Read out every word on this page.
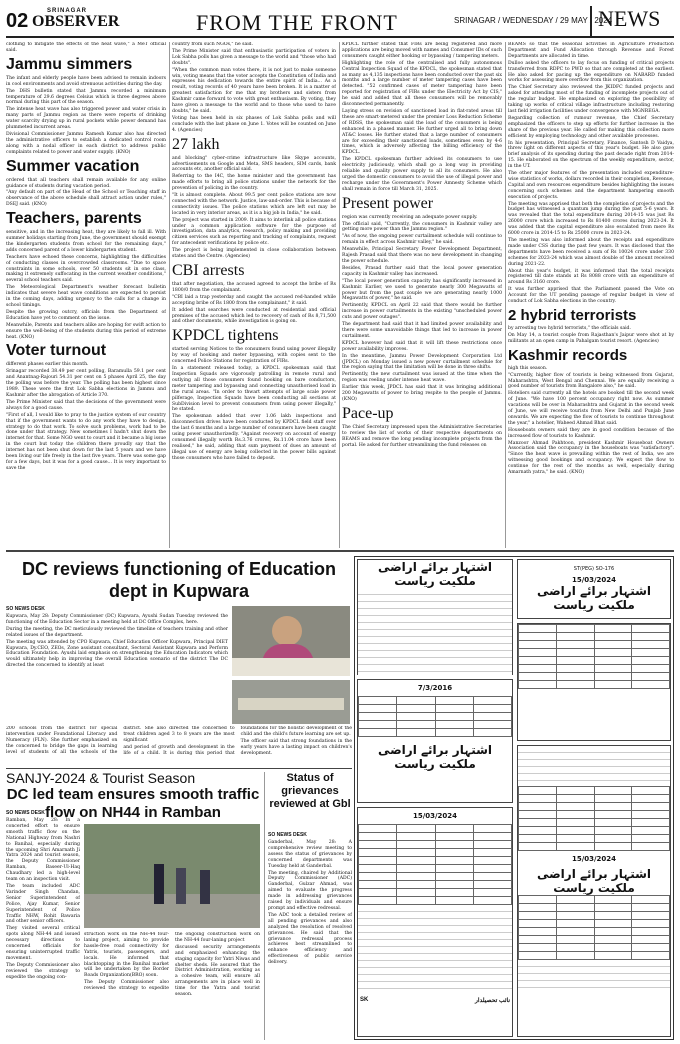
02	SRINAGAR
OBSERVER	FROM THE FRONT	SRINAGAR / WEDNESDAY / 29 MAY / 2024
NEWS

clothing to mitigate the effects of the heat wave," a MeT official said.

Jammu simmers

The infant and elderly people have been advised to remain indoors in cool environments and avoid strenuous activities during the day.

The DHS bulletin stated that Jammu recorded a minimum temperature of 29.6 degrees Celsius which is three degrees above normal during this part of the season.

The intense heat wave has also triggered power and water crisis in many parts of Jammu region as there were reports of drinking water scarcity drying up in rural pockets while power demand has plummeted incurrent areas.

Divisional Commissioner Jammu Ramesh Kumar also has directed the administrative officers to establish a dedicated control room along with a nodal officer in each district to address public complaints related to power and water supply. (KNO)

Summer vacation

ordered that all teachers shall remain available for any online guidance of students during vacation period.

"Any default on part of the Head of the School or Teaching staff in observance of the above schedule shall attract action under rules," DSEJ said. (KNO)

Teachers, parents

sensitive, and in the increasing heat, they are likely to fall ill. With summer holidays starting from June, the government should exempt the kindergarten students from school for the remaining days," adds concerned parent of a lower kindergarten student.

Teachers have echoed these concerns, highlighting the difficulties of conducting classes in overcrowded classrooms. "Due to space constraints in some schools, over 50 students sit in one class, making it extremely suffocating in the current weather conditions," several school teachers said.

The Meteorological Department's weather forecast bulletin indicates that severe heat wave conditions are expected to persist in the coming days, adding urgency to the calls for a change in school timings.

Despite the growing outcry, officials from the Department of Education have yet to comment on the issue.

Meanwhile, Parents and teachers alike are hoping for swift action to ensure the well-being of the students during this period of extreme heat. (KNO)

Voter turnout

different phases earlier this month.

Srinagar recorded 38.49 per cent polling, Baramulla 59.1 per cent and Anantnag-Rajouri 54.31 per cent on 5 phases April 25, the day the polling was before the year. The polling has been highest since 1989. These were the first Lok Sabha elections in Jammu and Kashmir after the abrogation of Article 370.

The Prime Minister said that the decisions of the government were always for a good cause.

"First of all, I would like to pray to the justice system of our country that if the government wants to do any work they have to design, strategy to do that work. To solve such problems, work had to be done under that strategy. New sometimes I hadn't shut down the internet for that. Some NGO went to court and it became a big issue in the court but today the children there proudly say that the internet has not been shut down for the last 5 years and we have been living our life freely in the last five years. There was some gap for a few days, but it was for a good cause... It is very important to save the

country from such NGOs," he said.

The Prime Minister said that enthusiastic participation of voters in Lok Sabha polls has given a message to the world and "those who had doubts".

"When the common man votes there, it is not just to make someone win, voting means that the voter accepts the Constitution of India and expresses his dedication towards the entire spirit of India... As a result, voting records of 40 years have been broken. It is a matter of greatest satisfaction for me that my brothers and sisters from Kashmir came forward to vote with great enthusiasm. By voting, they have given a message to the world and to those who used to have doubts," he said.

Voting has been held in six phases of Lok Sabha polls and will conclude with the last phase on June 1. Votes will be counted on June 4. (Agencies)

27 lakh

and blocking" cyber-crime infrastructure like Skype accounts, advertisements on Google and Meta, SMS headers, SIM cards, bank accounts etc, another official said.

Referring to the I4C, the home minister and the government has made efforts to bring all police stations under the network for the prevention of policing in the country.

"It is almost complete. About 99.5 per cent police stations are now connected with the network. Justice, law-and-order. This is because of connectivity issues. The police stations which are left out may be located in very interior areas, as it is a big job in India," he said.

The project was started in 2009. It aims to interlink all police stations under a common application software for the purpose of investigation, data analytics, research, policy making and providing citizen services such as reporting and tracking of complaints, request for antecedent verifications by police etc.

The project is being implemented in close collaboration between states and the Centre. (Agencies)

CBI arrests

that after negotiation, the accused agreed to accept the bribe of Rs 1800/0 from the complainant.

"CBI laid a trap yesterday and caught the accused red-handed while accepting bribe of Rs 1800 from the complainant," it said.

It added that searches were conducted at residential and official premises of the accused which led to recovery of cash of Rs 8,71,500 and other documents, while investigation is going on.

KPDCL tightens

started serving Notices to the consumers found using power illegally by way of hooking and meter bypassing, with copies sent to the concerned Police Stations for registration of FIRs.

In a statement released today, a KPDCL spokesman said that Inspection Squads are vigorously patrolling in remote rural and outlying all those consumers found hooking on bare conductors, meter tampering and bypassing and connecting unauthorised load in the rural areas. "In order to thwart attempts of large scale power pilferage, Inspection Squads have been conducting all sections at SubDivision level to prevent consumers from using power illegally," he stated.

The spokesman added that over 1.06 lakh inspections and disconnection drives have been conducted by KPDCL field staff over the last 6 months and a large number of consumers have been caught using power unauthorizedly. "Against recovery on account of energy consumed illegally worth Rs.3.76 crores, Rs.11.04 crore have been realised," he said, adding that sum payment of dues an amount of illegal use of energy are being collected in the power bills against those consumers who have failed to deposit.

KPDCL further stated that FIRs are being registered and more applications are being moved with names and Consumer IDs of such consumers caught either hooking or bypassing / tampering meters.

Highlighting the role of the centralised and fully autonomous Central Inspection Squad of the KPDCL, the spokesman stated that as many as 4,135 inspections have been conducted over the past six months and a large number of meter tampering cases have been detected. "52 confirmed cases of meter tampering have been reported for registration of FIRs under the Electricity Act by CIS," he said and added that all these consumers will be removably disconnected permanently.

Laying stress on revision of sanctioned load in flat-rated areas till these are smart-metered under the premier Loss Reduction Scheme of RDSS, the spokesman said the load of the consumers is being enhanced in a phased manner. He further urged all to bring down AT&C losses. He further stated that a large number of consumers are for exceeding their sanctioned loads, sometimes even by 4-6 times, which is adversely affecting the billing efficiency of the KPDCL.

The KPDCL spokesman further advised its consumers to use electricity judiciously, which shall go a long way in providing reliable and quality power supply to all its consumers. He also urged the domestic consumers to avoid the use of illegal power and recharge under the Government's Power Amnesty Scheme which shall remain in force till March 31, 2025.

Present power

region was currently receiving an adequate power supply.

The official said, "Currently, the consumers in Kashmir valley are getting more power than the Jammu region."

"As of now, the ongoing power curtailment schedule will continue to remain in effect across Kashmir valley," he said.

Meanwhile, Principal Secretary Power Development Department, Rajesh Prasad said that there was no new development in changing the power schedule.

Besides, Prasad further said that the local power generation capacity in Kashmir valley has increased.

"The local power generation capacity has significantly increased in Kashmir. Earlier, we used to generate nearly 300 Megawatts of power but from the past couple we are generating nearly 1000 Megawatts of power," he said.

Pertinently, KPDCL on April 22 said that there would be further increase in power curtailments in the existing "unscheduled power cuts and power outages".

The department had said that it had limited power availability and there were some unavoidable things that led to increase in power curtailment.

KPDCL however had said that it will lift these restrictions once power availability improves.

In the meantime, Jammu Power Development Corporation Ltd (JPDCL) on Monday issued a new power curtailment schedule for the region saying that the limitation will be done in three shifts.

Pertinently, the new curtailment was issued at the time when the region was reeling under intense heat wave.

Earlier this week, JPDCL has said that it was bringing additional 200 Megawatts of power to bring respite to the people of Jammu. (KNO)

Pace-up

The Chief Secretary impressed upon the Administrative Secretaries to review the list of works of their respective departments on BEAMS and remove the long pending incomplete projects from the portal. He asked for further streamlining the fund releases on

BEAMS so that the seasonal activities in Agriculture Production Department and Fund Allocation through Revenue and Forest Departments are allocated in time.

Dulloo asked the officers to lay focus on funding of critical projects transferred from RDPC to PWD so that are completed at the earliest. He also asked for pacing up the expenditure on NABARD funded works for assessing more overflow from this organization.

The Chief Secretary also reviewed the JKIDFC funded projects and asked for attending most of the funding of incomplete projects out of the regular budget. He emphasized on exploring the possibility of taking up works of critical village infrastructure including restoring last field irrigation facilities under convergence with MGNREGA.

Regarding collection of rumour revenue, the Chief Secretary emphasized the officers to step up efforts for further increase in the share of the previous year. He called for making this collection more efficient by employing technology and other available processes.

In his presentation, Principal Secretary, Finance, Santosh D Vaidya, threw light on different aspects of this year's budget. He also gave brief analysis of its spending during the past decade right from 2014-15. He elaborated on the spectrum of the weekly expenditure, sector, in the UT.

The other major features of the presentation included expenditure-wise statistics of works, dollars recorded in their completion, Revenue, Capital and own resources expenditure besides highlighting the issues concerning such schemes and the department hampering smooth execution of projects.

The meeting was apprised that both the completion of projects and the budget has witnessed a quantum jump during the past 5-6 years. It was revealed that the total expenditure during 2014-15 was just Rs 26000 crore which increased to Rs 81400 crores during 2023-24. It was added that the capital expenditure also escalated from mere Rs 6000 crore in 2014-15 to Rs 25000 crore in 2023-24.

The meeting was also informed about the receipts and expenditure made under CSS during the past few years. It was disclosed that the departments have been received a sum of Rs 10024 crore under 330 schemes for 2023-24 which was almost double of the amount received during 2021-22.

About this year's budget, it was informed that the total receipts registered till date stands at Rs 8088 crore with an expenditure of around Rs 3160 crore.

It was further apprised that the Parliament passed the Vote on Account for the UT pending passage of regular budget in view of conduct of Lok Sabha elections in the country.

2 hybrid terrorists

by arresting two hybrid terrorists," the officials said.

On May 14, a tourist couple from Rajasthan's Jaipur were shot at by militants at an open camp in Pahalgam tourist resort. (Agencies)

Kashmir records

high this season.

"Currently, higher flow of tourists is being witnessed from Gujarat, Maharashtra, West Bengal and Chennai. We are equally receiving a good number of tourists from Bangalore also," he said.

Hoteliers said currently all the hotels are booked till the second week of June. "We have 100 percent occupancy right now. As summer vacations will be over in Maharashtra and Gujarat in the second week of June, we will receive tourists from New Delhi and Punjab June onwards. We are expecting the flow of tourists to continue throughout the year," a hotelier, Waheed Ahmad Bhat said.

Houseboats owners said they are in good condition because of the increased flow of tourists to Kashmir.

Manzoor Ahmad Pakhtoon, president Kashmir Houseboat Owners Association said the occupancy in the houseboats was "satisfactory". "Since the heat wave is prevailing within the rest of India, we are witnessing good bookings and occupancy. We expect the flow to continue for the rest of the months as well, especially during Amarnath yatra," he said. (KNO)

DC reviews functioning of Education dept in Kupwara
SO NEWS DESK

Kupwara, May 28: Deputy Commissioner (DC) Kupwara, Ayushi Sudan Tuesday reviewed the functioning of the Education Sector in a meeting held at DC Office Complex, here.

During the meeting, the DC meticulously reviewed the timeline of teachers training and other related issues of the department.

The meeting was attended by CPO Kupwara, Chief Education Officer Kupwara, Principal DIET Kupwara, Dy.CEO, ZEOs, Zone assistant consultant, Sectoral Assistant Kupwara and Perform Education Foundation. Ayushi laid emphasis on strengthening the Education Indicators which would ultimately help in improving the overall Education scenario of the district The DC directed the concerned to identify at least

200 schools from the district for special intervention under Foundational Literacy and Numeracy (FLN). She further emphasized on the concerned to bridge the gaps in learning level of students of all the schools of the district. She also directed the concerned to treat children aged 3 to 8 years are the most significant

and period of growth and development in the life of a child. It is during this period that foundations for the holistic development of the child and the child's future learning are set up.

The officer said that strong foundations in the early years have a lasting impact on children's development.

SANJY-2024 & Tourist Season
DC led team ensures smooth traffic flow on NH44 in Ramban
SO NEWS DESK

Ramban, May 28: In a concerted effort to ensure smooth traffic flow on the National Highway from Nashri to Banihal, especially during the upcoming Shri Amarnath Ji Yatra 2024 and tourist season, the Deputy Commissioner Ramban, Baseer-Ul-Haq Chaudhary led a high-level team on an inspection visit.

The team included ADC Varinder Singh Chandan, Senior Superintendent of Police, Ajay Kumar, Senior Superintendent of Police Traffic NHW, Rohit Bawaria and other senior officers.

They visited several critical spots along NH-44 and issued necessary directions to concerned officials for ensuring uninterrupted traffic movement.

The Deputy Commissioner also reviewed the strategy to expedite the ongoing con-

struction work on the NH-44 four-laning project, aiming to provide hassle-free road connectivity for Yatris, tourists, passengers, and locals. He informed that blacktopping in the Banihal market will be undertaken by the Border Roads Organization(BRO) soon.

The Deputy Commissioner also reviewed the strategy to expedite the ongoing construction work on the NH-44 four-laning project

discussed security arrangements and emphasized enhancing the staging capacity for Yatri Niwas and shelter sheds. He assured that the District Administration, working as a cohesive team, will ensure all arrangements are in place well in time for the Yatra and tourist season.

Status of grievances reviewed at Gbl
SO NEWS DESK

Ganderbal, May 28: A comprehensive review meeting to assess the status of grievances by concerned departments was Tuesday held at Ganderbal.

The meeting, chaired by Additional Deputy Commissioner (ADC) Ganderbal, Gulzar Ahmad, was aimed to evaluate the progress made in addressing grievances raised by individuals and ensure prompt and effective redressal.

The ADC took a detailed review of all pending grievances and also analyzed the resolution of resolved grievances. He said that the grievance redressal process achieves best streamlined to enhance efficiency and effectiveness of public service delivery.

اشتہار برائے اراضی ملکیت ریاست
ST(PEG) SO-176
15/03/2024
اشتہار برائے اراضی ملکیت ریاست

7/3/2016

اشتہار برائے اراضی ملکیت ریاست
15/03/2024

SK	نائب تحصیلدار

15/03/2024
اشتہار برائے اراضی ملکیت ریاست
